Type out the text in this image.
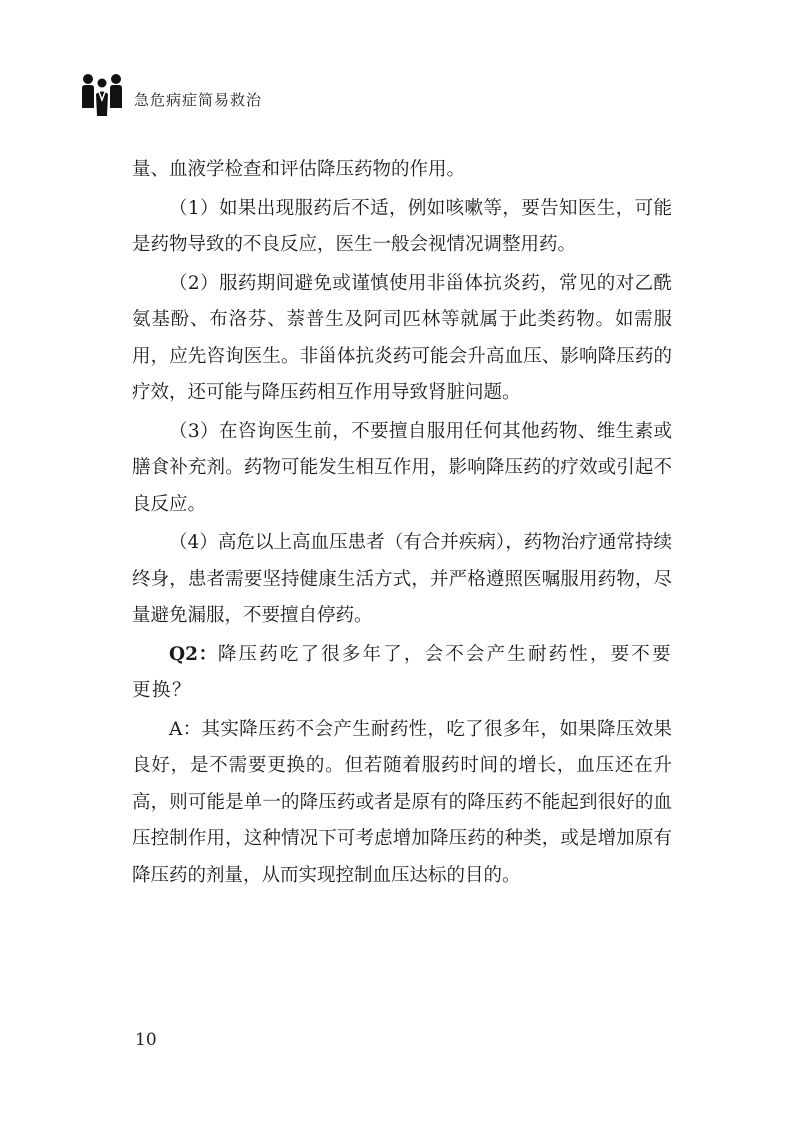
急危病症简易救治

量、血液学检查和评估降压药物的作用。

（1）如果出现服药后不适，例如咳嗽等，要告知医生，可能是药物导致的不良反应，医生一般会视情况调整用药。

（2）服药期间避免或谨慎使用非甾体抗炎药，常见的对乙酰氨基酚、布洛芬、萘普生及阿司匹林等就属于此类药物。如需服用，应先咨询医生。非甾体抗炎药可能会升高血压、影响降压药的疗效，还可能与降压药相互作用导致肾脏问题。

（3）在咨询医生前，不要擅自服用任何其他药物、维生素或膳食补充剂。药物可能发生相互作用，影响降压药的疗效或引起不良反应。

（4）高危以上高血压患者（有合并疾病），药物治疗通常持续终身，患者需要坚持健康生活方式，并严格遵照医嘱服用药物，尽量避免漏服，不要擅自停药。

Q2：降压药吃了很多年了，会不会产生耐药性，要不要更换？

A：其实降压药不会产生耐药性，吃了很多年，如果降压效果良好，是不需要更换的。但若随着服药时间的增长，血压还在升高，则可能是单一的降压药或者是原有的降压药不能起到很好的血压控制作用，这种情况下可考虑增加降压药的种类，或是增加原有降压药的剂量，从而实现控制血压达标的目的。

10
